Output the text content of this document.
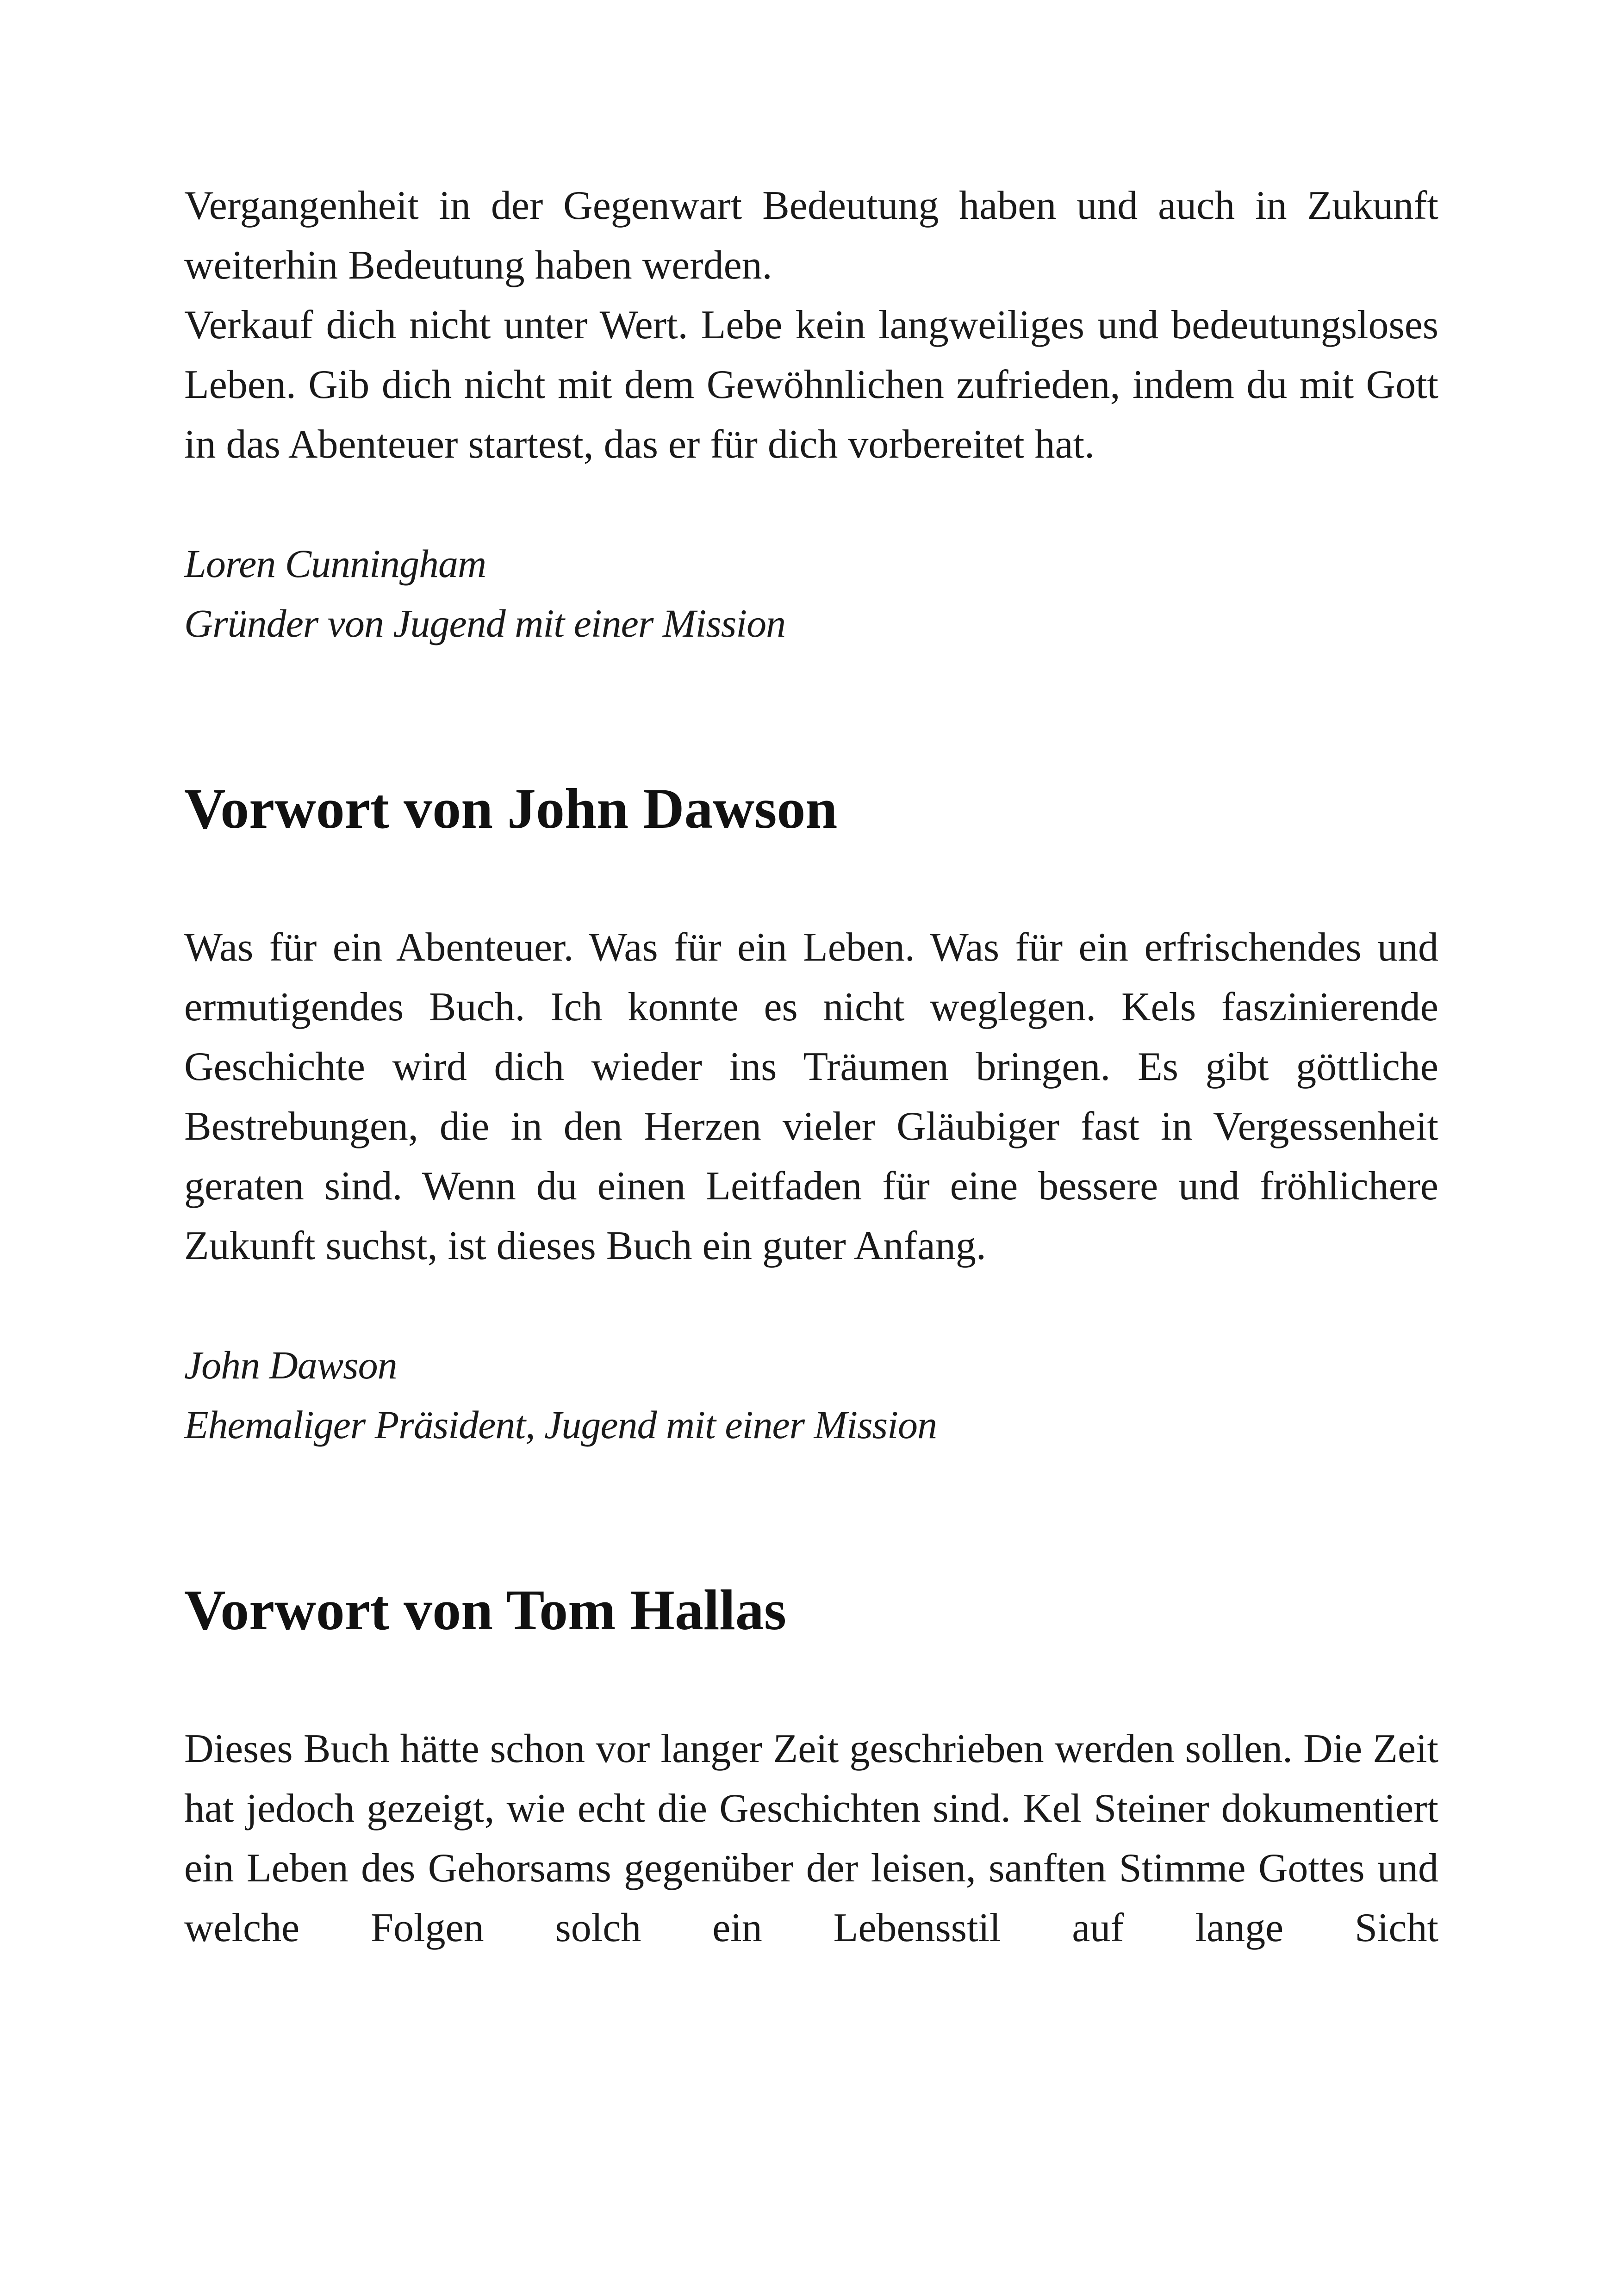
Vergangenheit in der Gegenwart Bedeutung haben und auch in Zukunft weiterhin Bedeutung haben werden.

Verkauf dich nicht unter Wert. Lebe kein langweiliges und bedeutungsloses Leben. Gib dich nicht mit dem Gewöhnlichen zufrieden, indem du mit Gott in das Abenteuer startest, das er für dich vorbereitet hat.

Loren Cunningham
Gründer von Jugend mit einer Mission
Vorwort von John Dawson

Was für ein Abenteuer. Was für ein Leben. Was für ein erfrischendes und ermutigendes Buch. Ich konnte es nicht weglegen. Kels faszinierende Geschichte wird dich wieder ins Träumen bringen. Es gibt göttliche Bestrebungen, die in den Herzen vieler Gläubiger fast in Vergessenheit geraten sind. Wenn du einen Leitfaden für eine bessere und fröhlichere Zukunft suchst, ist dieses Buch ein guter Anfang.

John Dawson
Ehemaliger Präsident, Jugend mit einer Mission
Vorwort von Tom Hallas

Dieses Buch hätte schon vor langer Zeit geschrieben werden sollen. Die Zeit hat jedoch gezeigt, wie echt die Geschichten sind. Kel Steiner dokumentiert ein Leben des Gehorsams gegenüber der leisen, sanften Stimme Gottes und welche Folgen solch ein Lebensstil auf lange Sicht
